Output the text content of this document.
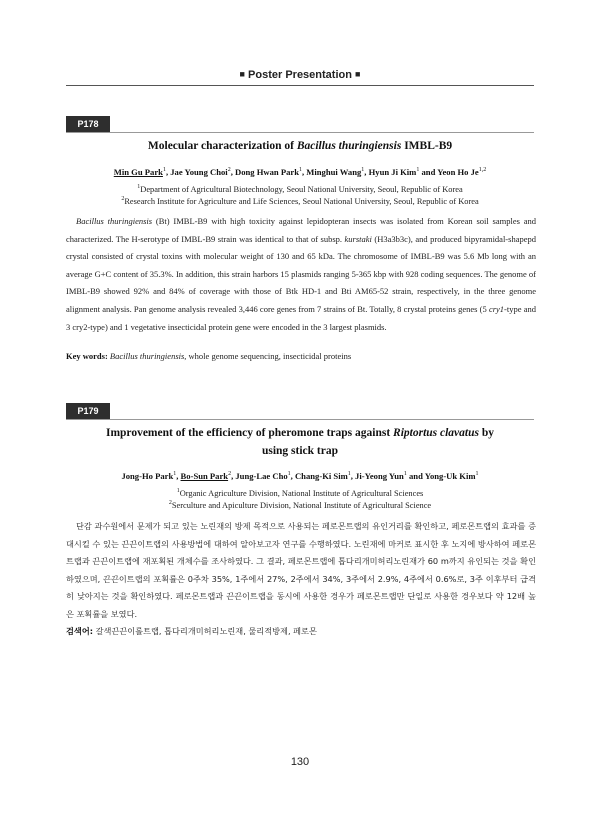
■ Poster Presentation ■
P178
Molecular characterization of Bacillus thuringiensis IMBL-B9
Min Gu Park$^1$, Jae Young Choi$^2$, Dong Hwan Park$^1$, Minghui Wang$^1$, Hyun Ji Kim$^1$ and Yeon Ho Je$^{1,2}$
$^1$Department of Agricultural Biotechnology, Seoul National University, Seoul, Republic of Korea
$^2$Research Institute for Agriculture and Life Sciences, Seoul National University, Seoul, Republic of Korea

Bacillus thuringiensis (Bt) IMBL-B9 with high toxicity against lepidopteran insects was isolated from Korean soil samples and characterized. The H-serotype of IMBL-B9 strain was identical to that of subsp. kurstaki (H3a3b3c), and produced bipyramidal-shapepd crystal consisted of crystal toxins with molecular weight of 130 and 65 kDa. The chromosome of IMBL-B9 was 5.6 Mb long with an average G+C content of 35.3%. In addition, this strain harbors 15 plasmids ranging 5-365 kbp with 928 coding sequences. The genome of IMBL-B9 showed 92% and 84% of coverage with those of Btk HD-1 and Bti AM65-52 strain, respectively, in the three genome alignment analysis. Pan genome analysis revealed 3,446 core genes from 7 strains of Bt. Totally, 8 crystal proteins genes (5 cry1-type and 3 cry2-type) and 1 vegetative insecticidal protein gene were encoded in the 3 largest plasmids.

Key words: Bacillus thuringiensis, whole genome sequencing, insecticidal proteins
P179
Improvement of the efficiency of pheromone traps against Riptortus clavatus by
using stick trap
Jong-Ho Park$^1$, Bo-Sun Park$^2$, Jung-Lae Cho$^1$, Chang-Ki Sim$^1$, Ji-Yeong Yun$^1$ and Yong-Uk Kim$^1$
$^1$Organic Agriculture Division, National Institute of Agricultural Sciences
$^2$Serculture and Apiculture Division, National Institute of Agricultural Science

단감 과수원에서 문제가 되고 있는 노린재의 방제 목적으로 사용되는 페로몬트랩의 유인거리를 확인하고, 페로몬트랩의 효과를 증대시킬 수 있는 끈끈이트랩의 사용방법에 대하여 알아보고자 연구를 수행하였다. 노린재에 마커로 표시한 후 노지에 방사하여 페로몬트랩과 끈끈이트랩에 재포획된 개체수를 조사하였다. 그 결과, 페로몬트랩에 톱다리개미허리노린재가 60 m까지 유인되는 것을 확인하였으며, 끈끈이트랩의 포획률은 0주차 35%, 1주에서 27%, 2주에서 34%, 3주에서 2.9%, 4주에서 0.6%로, 3주 이후부터 급격히 낮아지는 것을 확인하였다. 페로몬트랩과 끈끈이트랩을 동시에 사용한 경우가 페로몬트랩만 단일로 사용한 경우보다 약 12배 높은 포획률을 보였다.

검색어: 갈색끈끈이롤트랩, 톱다리개미허리노린재, 물리적방제, 페로몬
130
